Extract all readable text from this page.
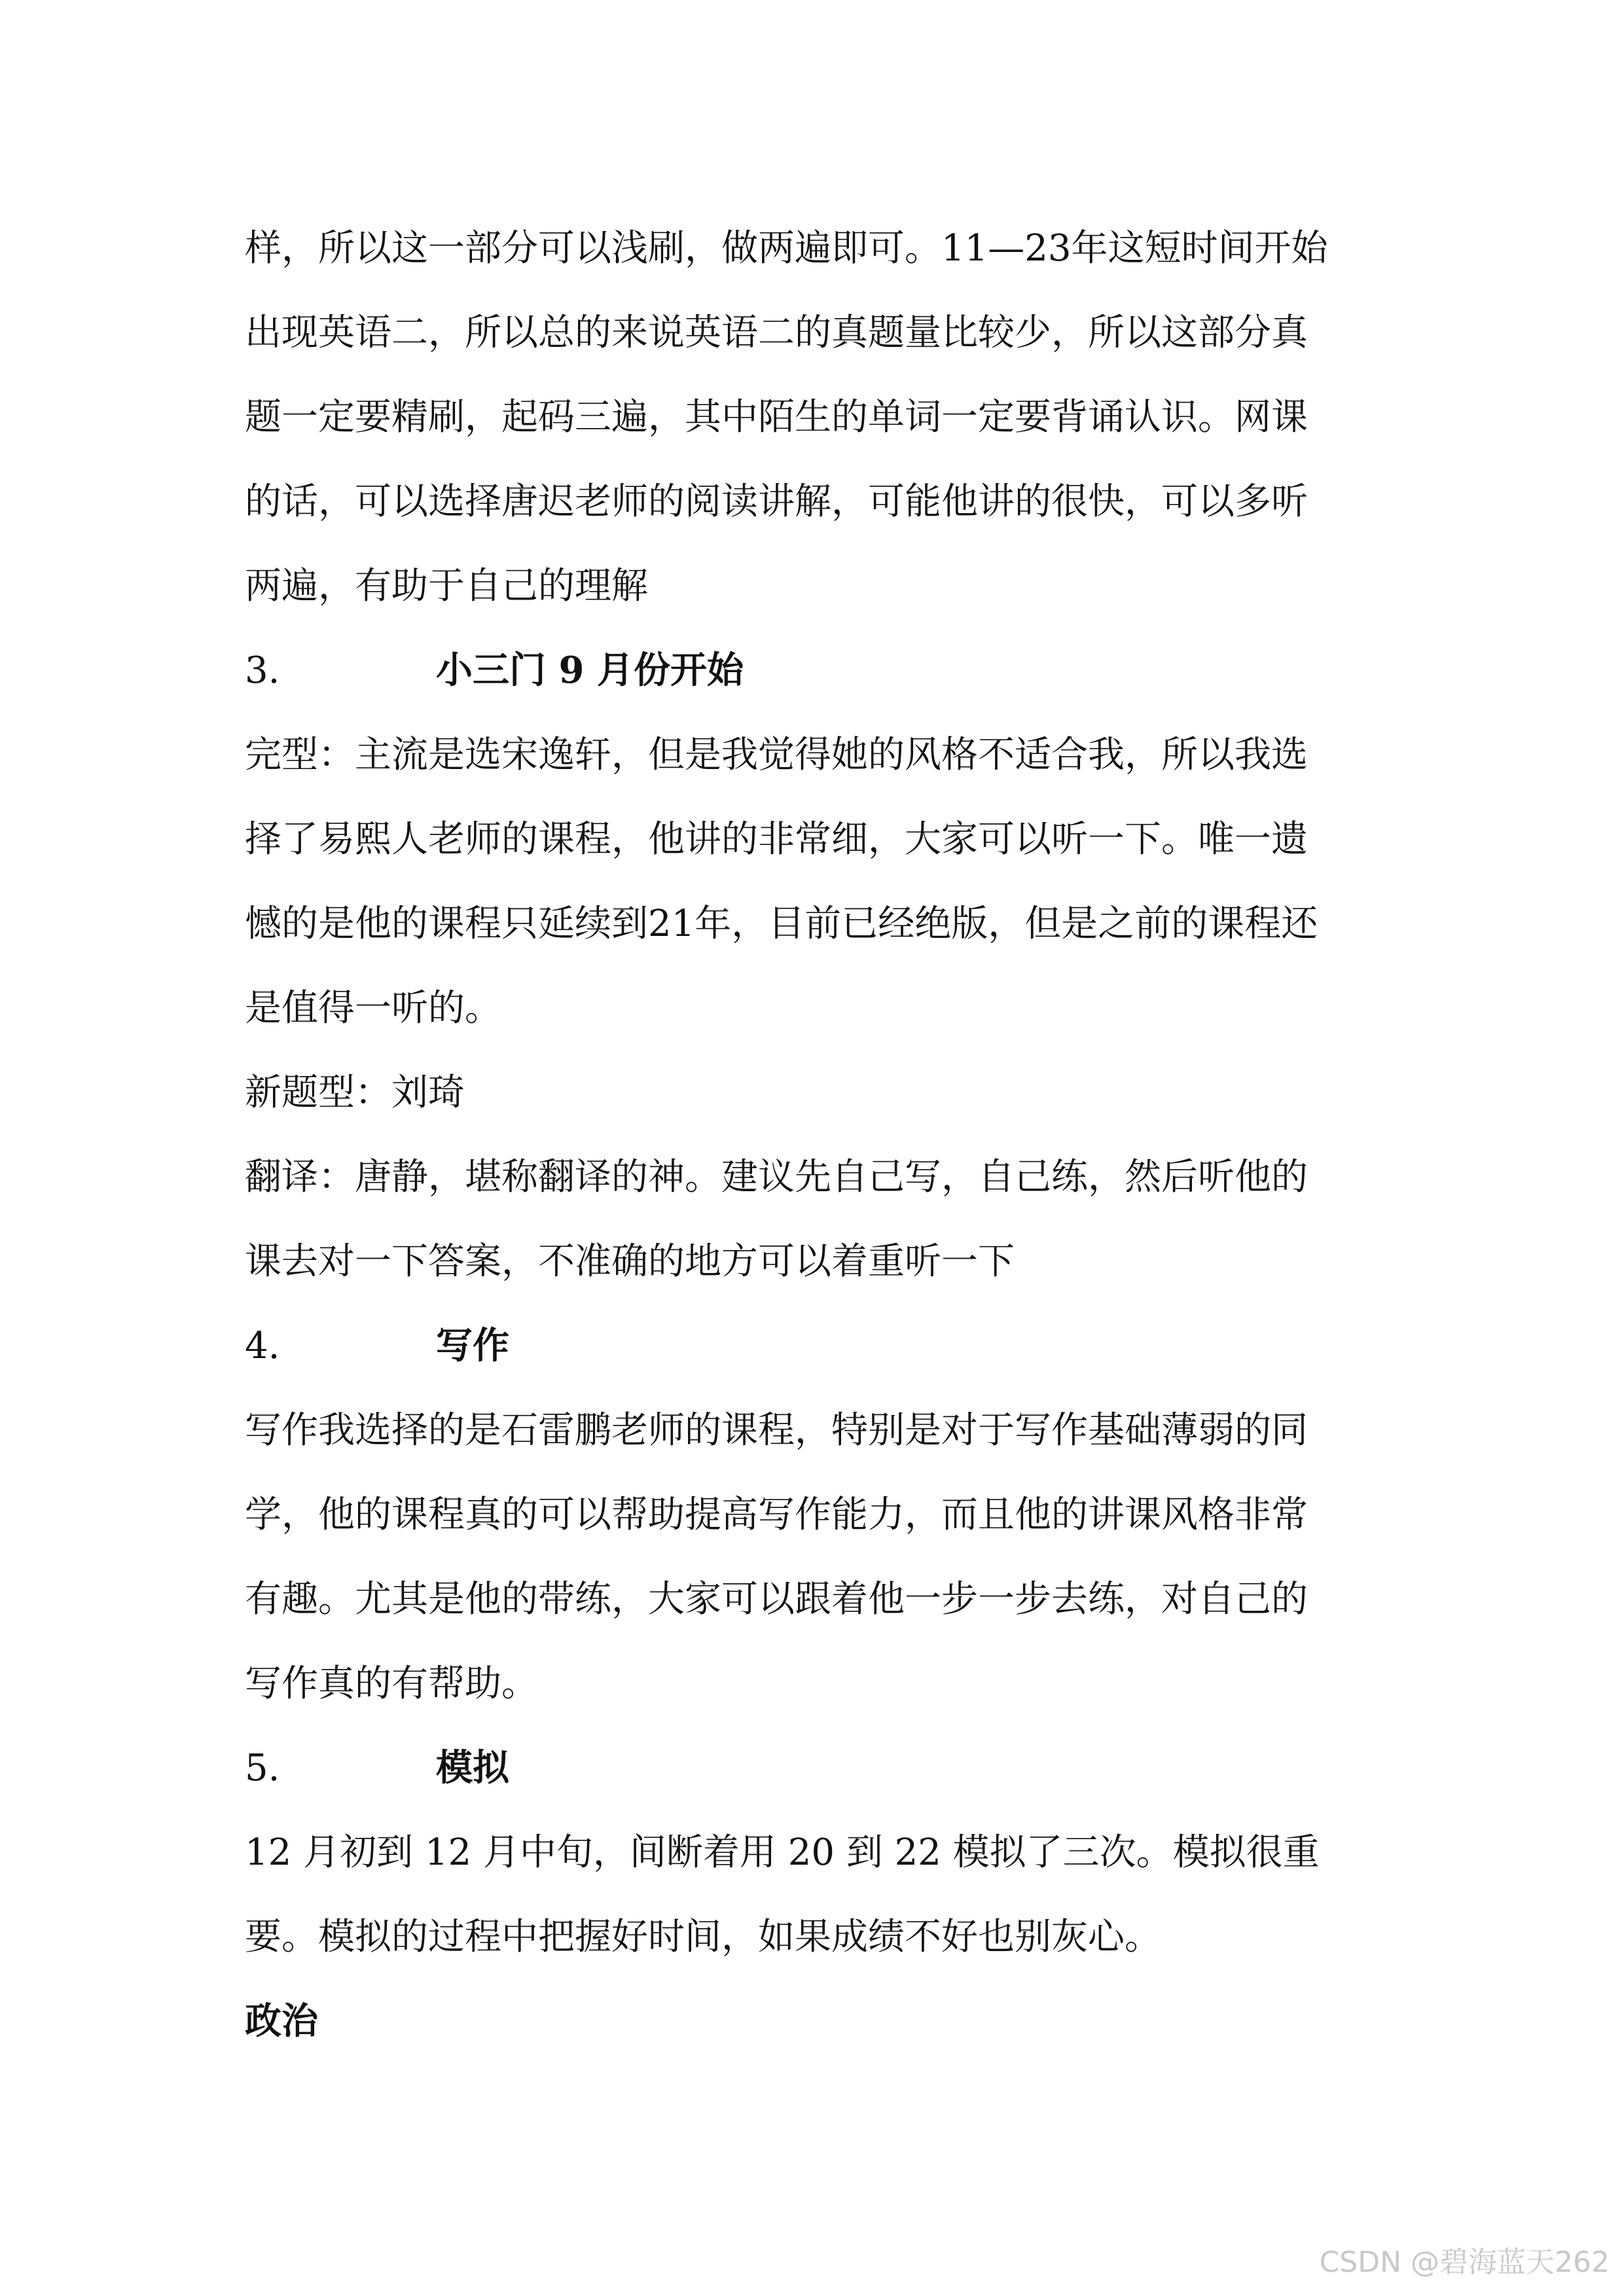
样，所以这一部分可以浅刷，做两遍即可。11—23年这短时间开始
出现英语二，所以总的来说英语二的真题量比较少，所以这部分真
题一定要精刷，起码三遍，其中陌生的单词一定要背诵认识。网课
的话，可以选择唐迟老师的阅读讲解，可能他讲的很快，可以多听
两遍，有助于自己的理解
3.	小三门 9 月份开始
完型：主流是选宋逸轩，但是我觉得她的风格不适合我，所以我选
择了易熙人老师的课程，他讲的非常细，大家可以听一下。唯一遗
憾的是他的课程只延续到21年，目前已经绝版，但是之前的课程还
是值得一听的。
新题型：刘琦
翻译：唐静，堪称翻译的神。建议先自己写，自己练，然后听他的
课去对一下答案，不准确的地方可以着重听一下
4.	写作
写作我选择的是石雷鹏老师的课程，特别是对于写作基础薄弱的同
学，他的课程真的可以帮助提高写作能力，而且他的讲课风格非常
有趣。尤其是他的带练，大家可以跟着他一步一步去练，对自己的
写作真的有帮助。
5.	模拟
12 月初到 12 月中旬，间断着用 20 到 22 模拟了三次。模拟很重
要。模拟的过程中把握好时间，如果成绩不好也别灰心。
政治
CSDN @碧海蓝天262
